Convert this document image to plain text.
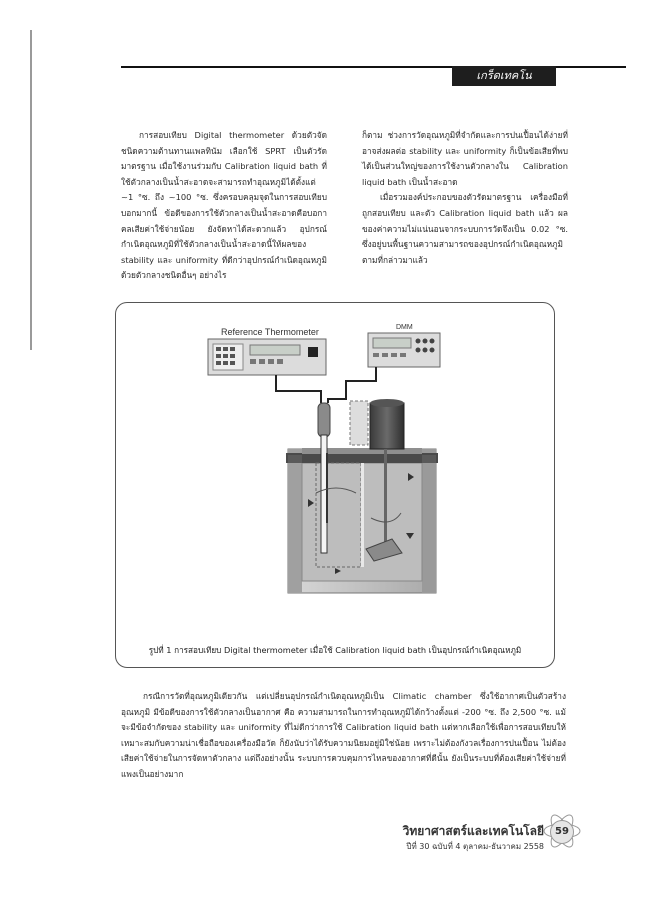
เกร็ดเทคโน

การสอบเทียบ Digital thermometer ด้วยตัวจัดชนิดความต้านทานแพลทินัม เลือกใช้ SPRT เป็นตัวรัดมาตรฐาน เมื่อใช้งานร่วมกับ Calibration liquid bath ที่ใช้ตัวกลางเป็นน้ำสะอาดจะสามารถทำอุณหภูมิได้ตั้งแต่ ~1 °ซ. ถึง ~100 °ซ. ซึ่งครอบคลุมจุดในการสอบเทียบ บอกมากนี้ ข้อดีของการใช้ตัวกลางเป็นน้ำสะอาดคือบอกาคลเสียค่าใช้จ่ายน้อย ยังจัดหาได้สะดวกแล้ว อุปกรณ์กำเนิดอุณหภูมิที่ใช้ตัวกลางเป็นน้ำสะอาดนี้ให้ผลของ stability และ uniformity ที่ดีกว่าอุปกรณ์กำเนิดอุณหภูมิด้วยตัวกลางชนิดอื่นๆ อย่างไร

ก็ตาม ช่วงการวัดอุณหภูมิที่จำกัดและการปนเปื้อนได้ง่ายที่อาจส่งผลต่อ stability และ uniformity ก็เป็นข้อเสียที่พบได้เป็นส่วนใหญ่ของการใช้งานตัวกลางใน Calibration liquid bath เป็นน้ำสะอาด

เมื่อรวมองค์ประกอบของตัวรัดมาตรฐาน เครื่องมือที่ถูกสอบเทียบ และตัว Calibration liquid bath แล้ว ผลของค่าความไม่แน่นอนจากระบบการวัดจึงเป็น 0.02 °ซ. ซึ่งอยู่บนพื้นฐานความสามารถของอุปกรณ์กำเนิดอุณหภูมิตามที่กล่าวมาแล้ว

Reference Thermometer	DMM
รูปที่ 1 การสอบเทียบ Digital thermometer เมื่อใช้ Calibration liquid bath เป็นอุปกรณ์กำเนิดอุณหภูมิ

กรณีการวัดที่อุณหภูมิเดียวกัน แต่เปลี่ยนอุปกรณ์กำเนิดอุณหภูมิเป็น Climatic chamber ซึ่งใช้อากาศเป็นตัวสร้างอุณหภูมิ มีข้อดีของการใช้ตัวกลางเป็นอากาศ คือ ความสามารถในการทำอุณหภูมิได้กว้างตั้งแต่ -200 °ซ. ถึง 2,500 °ซ. แม้จะมีข้อจำกัดของ stability และ uniformity ที่ไม่ดีกว่าการใช้ Calibration liquid bath แต่หากเลือกใช้เพื่อการสอบเทียบให้เหมาะสมกับความน่าเชื่อถือของเครื่องมือวัด ก็ยังนับว่าได้รับความนิยมอยู่มิใช่น้อย เพราะไม่ต้องกังวลเรื่องการปนเปื้อน ไม่ต้องเสียค่าใช้จ่ายในการจัดหาตัวกลาง แต่ถึงอย่างนั้น ระบบการควบคุมการไหลของอากาศที่ดีนั้น ยังเป็นระบบที่ต้องเสียค่าใช้จ่ายที่แพงเป็นอย่างมาก

วิทยาศาสตร์และเทคโนโลยี
ปีที่ 30 ฉบับที่ 4 ตุลาคม-ธันวาคม 2558
59
